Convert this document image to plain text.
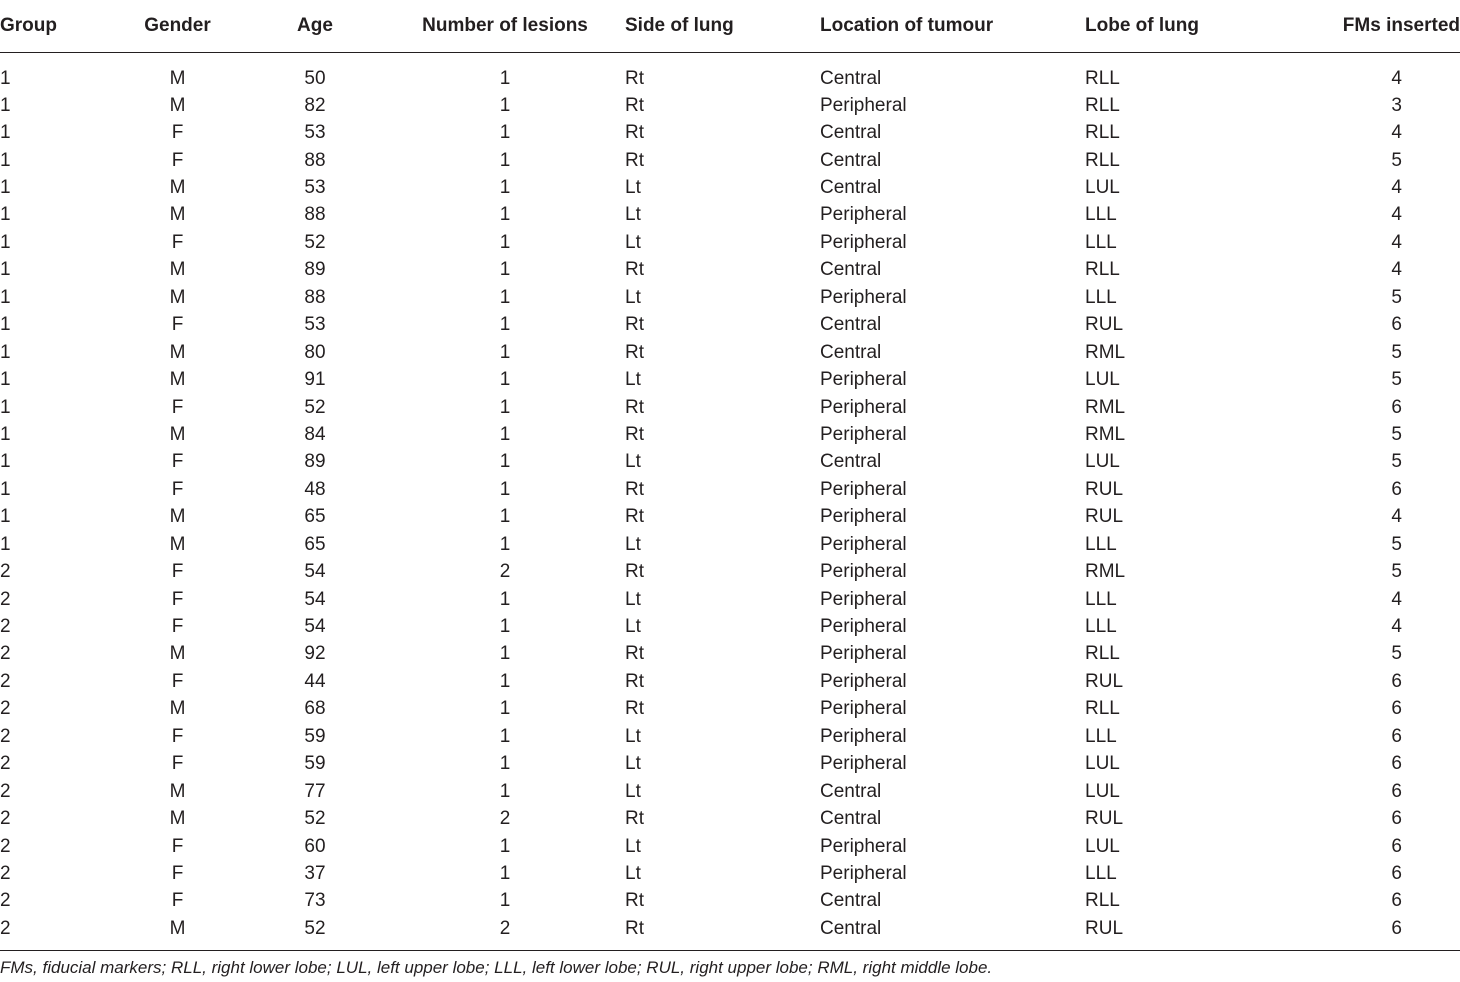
Group	Gender	Age	Number of lesions	Side of lung	Location of tumour	Lobe of lung	FMs inserted
1	M	50	1	Rt	Central	RLL	4
1	M	82	1	Rt	Peripheral	RLL	3
1	F	53	1	Rt	Central	RLL	4
1	F	88	1	Rt	Central	RLL	5
1	M	53	1	Lt	Central	LUL	4
1	M	88	1	Lt	Peripheral	LLL	4
1	F	52	1	Lt	Peripheral	LLL	4
1	M	89	1	Rt	Central	RLL	4
1	M	88	1	Lt	Peripheral	LLL	5
1	F	53	1	Rt	Central	RUL	6
1	M	80	1	Rt	Central	RML	5
1	M	91	1	Lt	Peripheral	LUL	5
1	F	52	1	Rt	Peripheral	RML	6
1	M	84	1	Rt	Peripheral	RML	5
1	F	89	1	Lt	Central	LUL	5
1	F	48	1	Rt	Peripheral	RUL	6
1	M	65	1	Rt	Peripheral	RUL	4
1	M	65	1	Lt	Peripheral	LLL	5
2	F	54	2	Rt	Peripheral	RML	5
2	F	54	1	Lt	Peripheral	LLL	4
2	F	54	1	Lt	Peripheral	LLL	4
2	M	92	1	Rt	Peripheral	RLL	5
2	F	44	1	Rt	Peripheral	RUL	6
2	M	68	1	Rt	Peripheral	RLL	6
2	F	59	1	Lt	Peripheral	LLL	6
2	F	59	1	Lt	Peripheral	LUL	6
2	M	77	1	Lt	Central	LUL	6
2	M	52	2	Rt	Central	RUL	6
2	F	60	1	Lt	Peripheral	LUL	6
2	F	37	1	Lt	Peripheral	LLL	6
2	F	73	1	Rt	Central	RLL	6
2	M	52	2	Rt	Central	RUL	6
FMs, fiducial markers; RLL, right lower lobe; LUL, left upper lobe; LLL, left lower lobe; RUL, right upper lobe; RML, right middle lobe.
